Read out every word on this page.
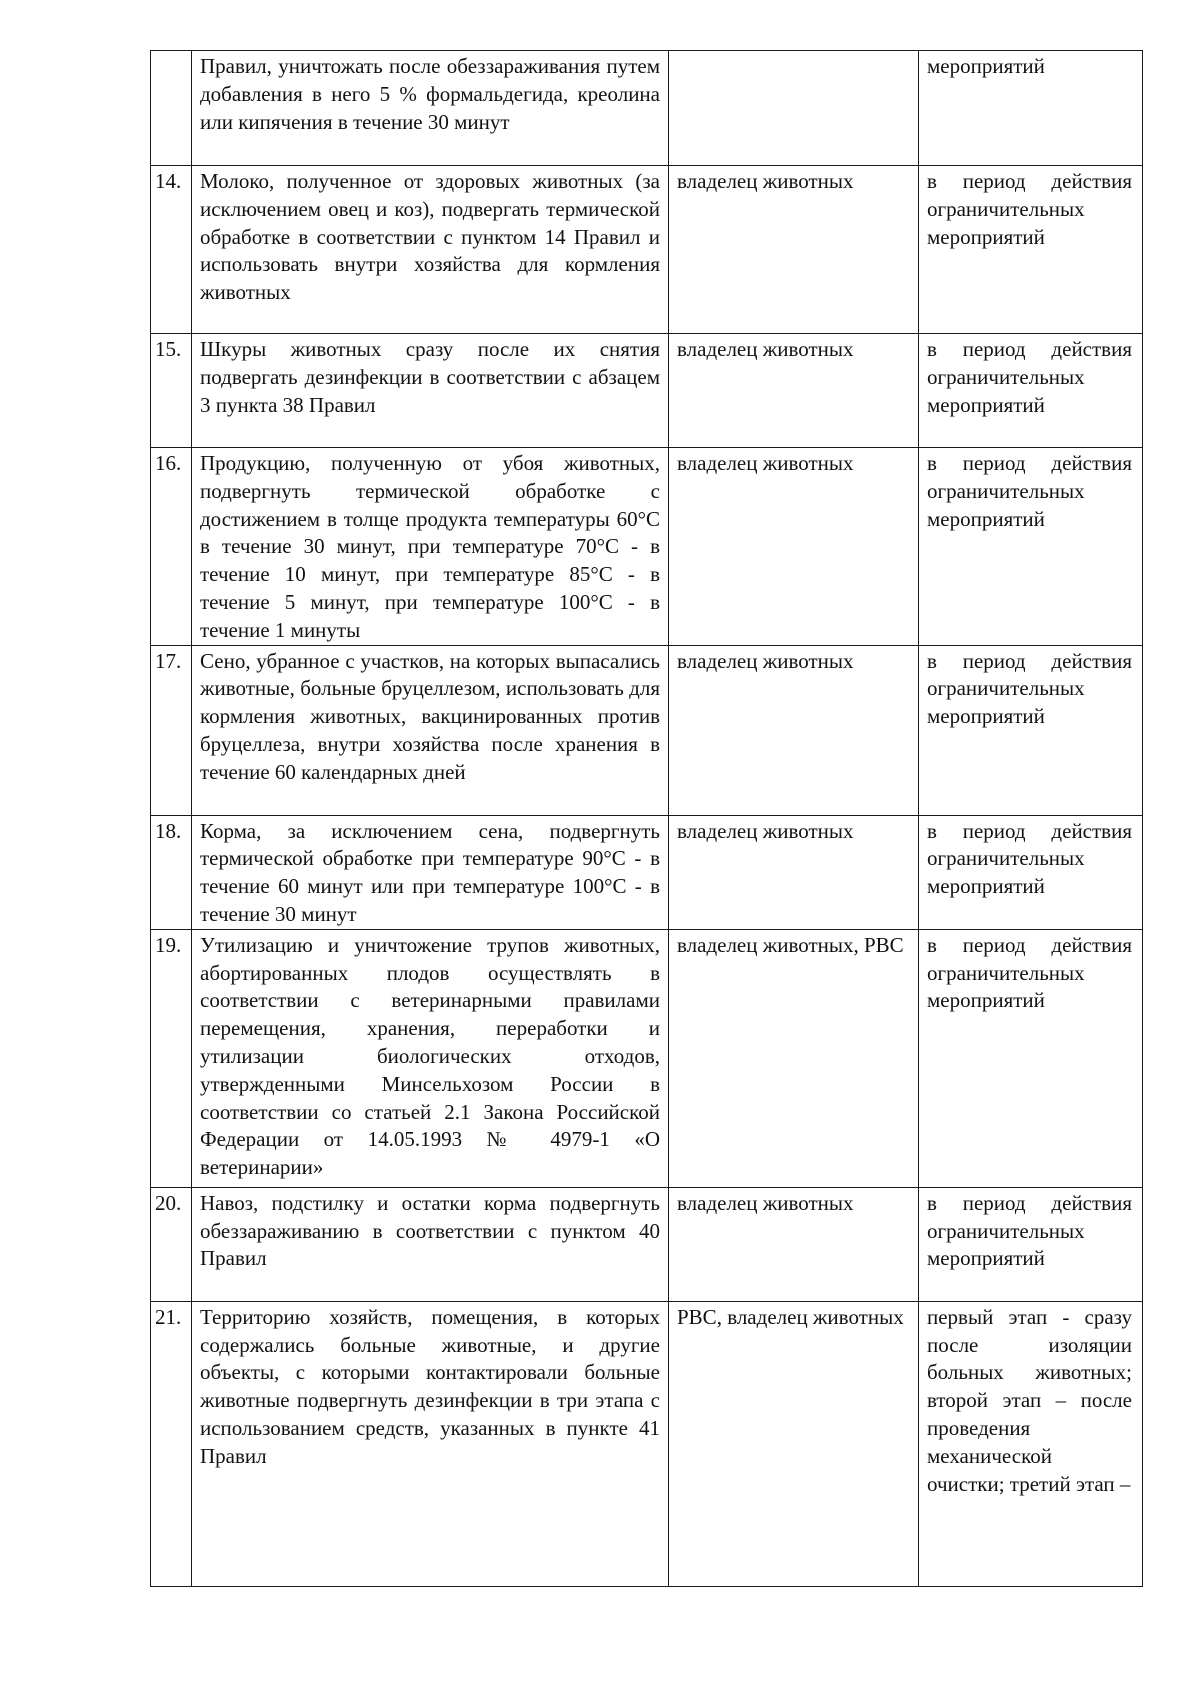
	Правил, уничтожать после обеззараживания путем добавления в него 5 % формальдегида, креолина или кипячения в течение 30 минут		мероприятий

14.	Молоко, полученное от здоровых животных (за исключением овец и коз), подвергать термической обработке в соответствии с пунктом 14 Правил и использовать внутри хозяйства для кормления животных	владелец животных	в период действия ограничительных мероприятий

15.	Шкуры животных сразу после их снятия подвергать дезинфекции в соответствии с абзацем 3 пункта 38 Правил	владелец животных	в период действия ограничительных мероприятий

16.	Продукцию, полученную от убоя животных, подвергнуть термической обработке с достижением в толще продукта температуры 60°С в течение 30 минут, при температуре 70°С - в течение 10 минут, при температуре 85°С - в течение 5 минут, при температуре 100°С - в течение 1 минуты	владелец животных	в период действия ограничительных мероприятий

17.	Сено, убранное с участков, на которых выпасались животные, больные бруцеллезом, использовать для кормления животных, вакцинированных против бруцеллеза, внутри хозяйства после хранения в течение 60 календарных дней	владелец животных	в период действия ограничительных мероприятий

18.	Корма, за исключением сена, подвергнуть термической обработке при температуре 90°С - в течение 60 минут или при температуре 100°С - в течение 30 минут	владелец животных	в период действия ограничительных мероприятий

19.	Утилизацию и уничтожение трупов животных, абортированных плодов осуществлять в соответствии с ветеринарными правилами перемещения, хранения, переработки и утилизации биологических отходов, утвержденными Минсельхозом России в соответствии со статьей 2.1 Закона Российской Федерации от 14.05.1993 № 4979-1 «О ветеринарии»	владелец животных, РВС	в период действия ограничительных мероприятий

20.	Навоз, подстилку и остатки корма подвергнуть обеззараживанию в соответствии с пунктом 40 Правил	владелец животных	в период действия ограничительных мероприятий

21.	Территорию хозяйств, помещения, в которых содержались больные животные, и другие объекты, с которыми контактировали больные животные подвергнуть дезинфекции в три этапа с использованием средств, указанных в пункте 41 Правил	РВС, владелец животных	первый этап - сразу после изоляции больных животных; второй этап – после проведения механической очистки; третий этап –
